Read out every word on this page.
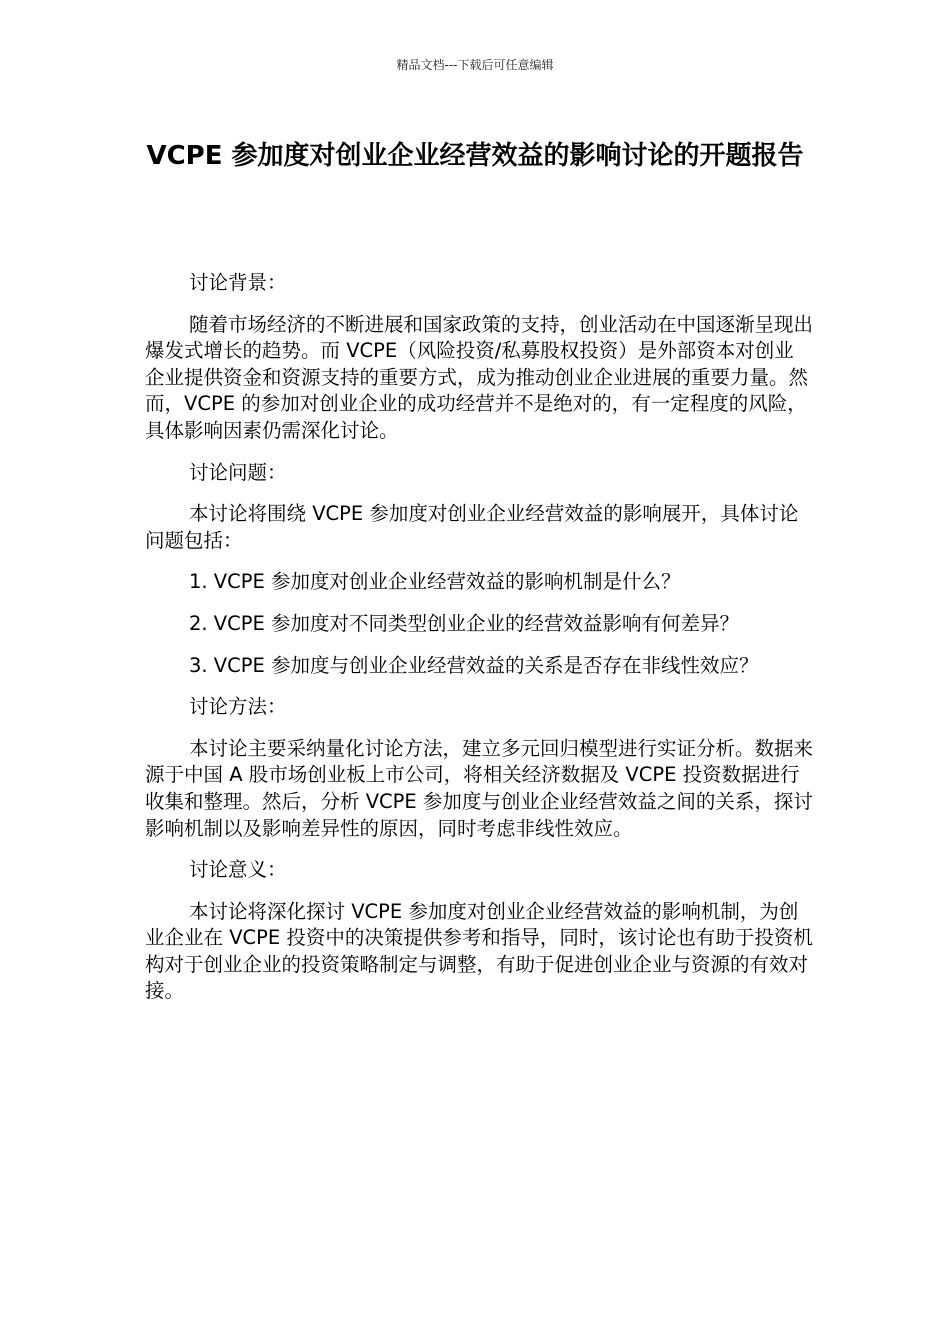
精品文档---下载后可任意编辑
VCPE 参加度对创业企业经营效益的影响讨论的开题报告

讨论背景：

随着市场经济的不断进展和国家政策的支持，创业活动在中国逐渐呈现出爆发式增长的趋势。而 VCPE（风险投资/私募股权投资）是外部资本对创业企业提供资金和资源支持的重要方式，成为推动创业企业进展的重要力量。然而，VCPE 的参加对创业企业的成功经营并不是绝对的，有一定程度的风险，具体影响因素仍需深化讨论。

讨论问题：

本讨论将围绕 VCPE 参加度对创业企业经营效益的影响展开，具体讨论问题包括：

1. VCPE 参加度对创业企业经营效益的影响机制是什么？

2. VCPE 参加度对不同类型创业企业的经营效益影响有何差异？

3. VCPE 参加度与创业企业经营效益的关系是否存在非线性效应？

讨论方法：

本讨论主要采纳量化讨论方法，建立多元回归模型进行实证分析。数据来源于中国 A 股市场创业板上市公司，将相关经济数据及 VCPE 投资数据进行收集和整理。然后，分析 VCPE 参加度与创业企业经营效益之间的关系，探讨影响机制以及影响差异性的原因，同时考虑非线性效应。

讨论意义：

本讨论将深化探讨 VCPE 参加度对创业企业经营效益的影响机制，为创业企业在 VCPE 投资中的决策提供参考和指导，同时，该讨论也有助于投资机构对于创业企业的投资策略制定与调整，有助于促进创业企业与资源的有效对接。
